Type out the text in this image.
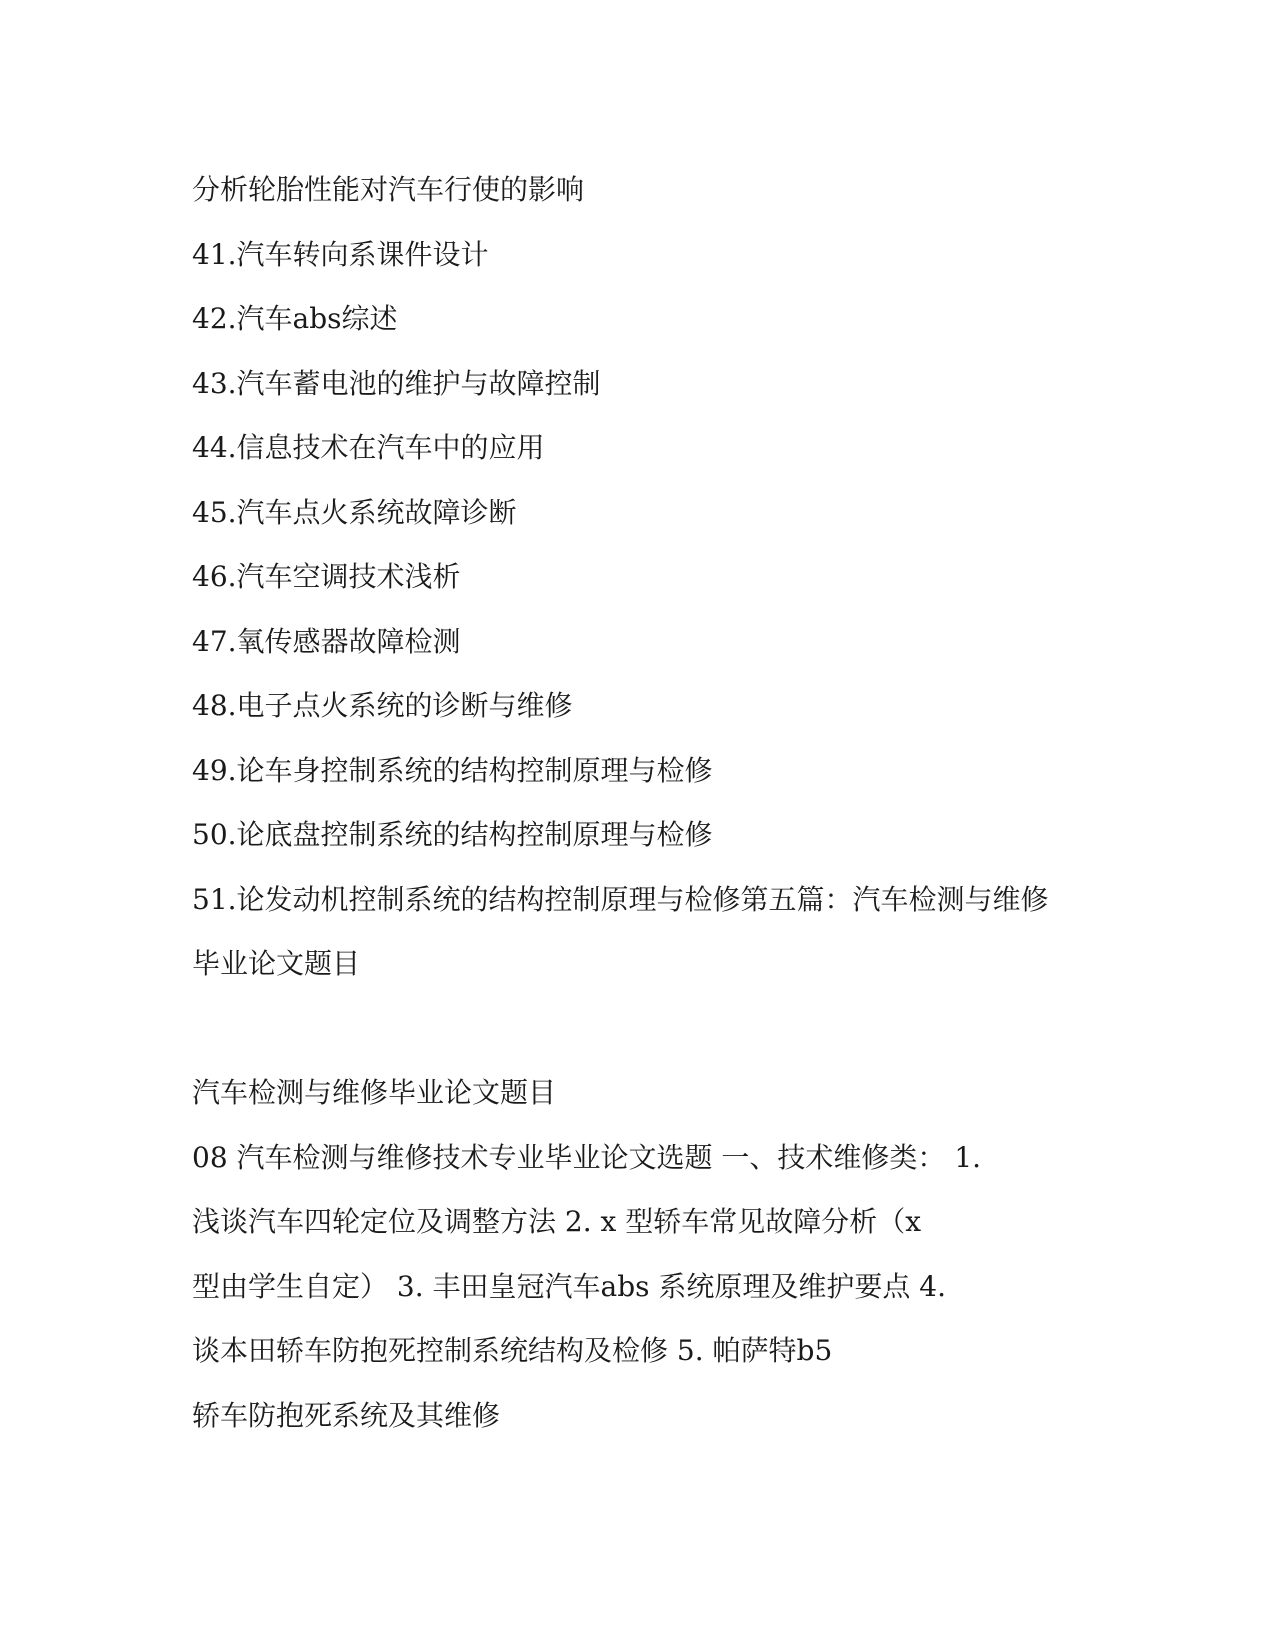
分析轮胎性能对汽车行使的影响
41.汽车转向系课件设计
42.汽车abs综述
43.汽车蓄电池的维护与故障控制
44.信息技术在汽车中的应用
45.汽车点火系统故障诊断
46.汽车空调技术浅析
47.氧传感器故障检测
48.电子点火系统的诊断与维修
49.论车身控制系统的结构控制原理与检修
50.论底盘控制系统的结构控制原理与检修
51.论发动机控制系统的结构控制原理与检修第五篇：汽车检测与维修
毕业论文题目
汽车检测与维修毕业论文题目
08 汽车检测与维修技术专业毕业论文选题 一、技术维修类： 1.
浅谈汽车四轮定位及调整方法 2. x 型轿车常见故障分析（x
型由学生自定） 3. 丰田皇冠汽车abs 系统原理及维护要点 4.
谈本田轿车防抱死控制系统结构及检修 5. 帕萨特b5
轿车防抱死系统及其维修
